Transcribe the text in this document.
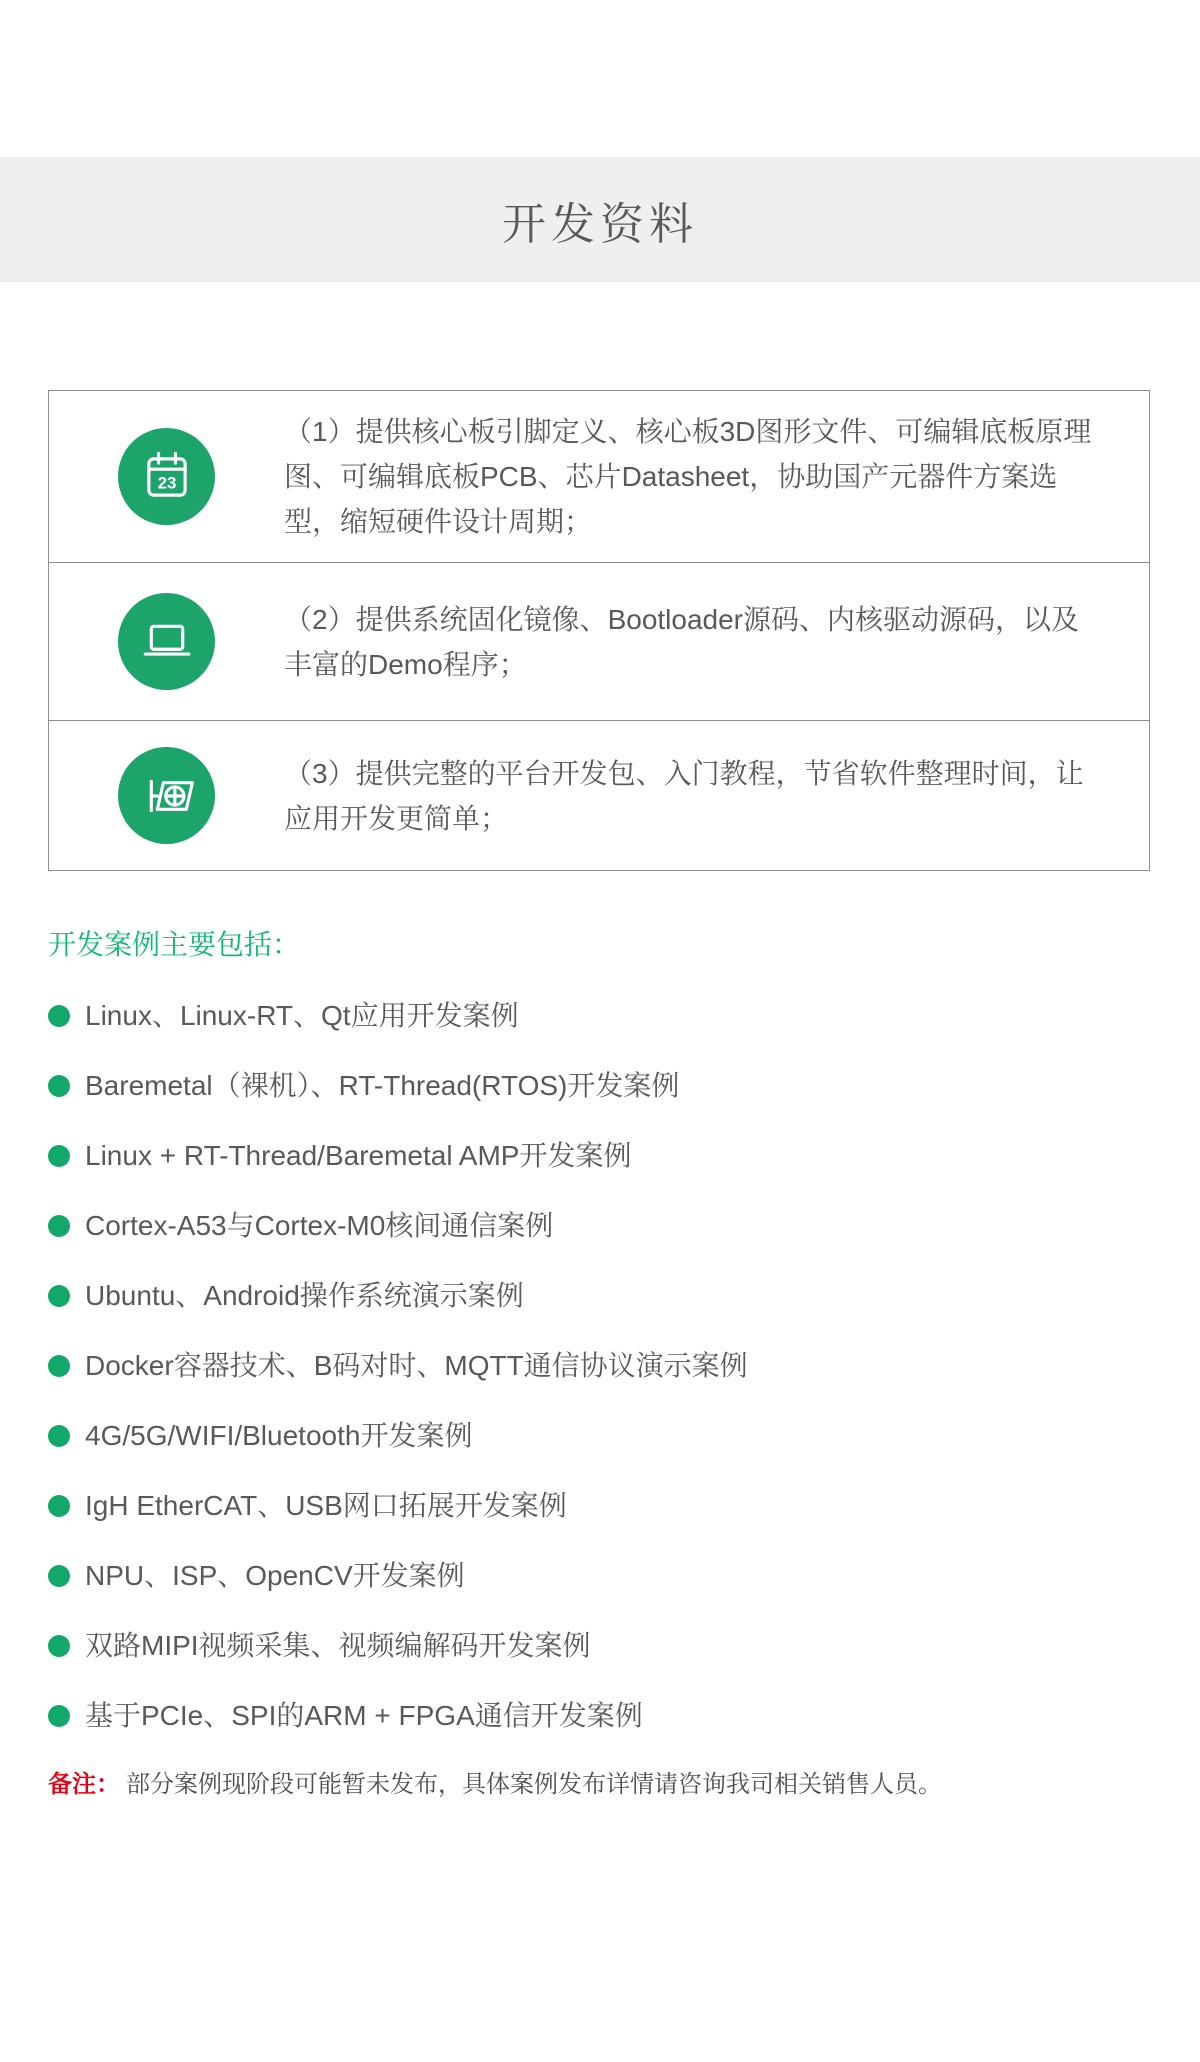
开发资料
23
（1）提供核心板引脚定义、核心板3D图形文件、可编辑底板原理图、可编辑底板PCB、芯片Datasheet，协助国产元器件方案选型，缩短硬件设计周期；
（2）提供系统固化镜像、Bootloader源码、内核驱动源码，以及丰富的Demo程序；
（3）提供完整的平台开发包、入门教程，节省软件整理时间，让应用开发更简单；
开发案例主要包括：
Linux、Linux-RT、Qt应用开发案例
Baremetal（裸机）、RT-Thread(RTOS)开发案例
Linux + RT-Thread/Baremetal AMP开发案例
Cortex-A53与Cortex-M0核间通信案例
Ubuntu、Android操作系统演示案例
Docker容器技术、B码对时、MQTT通信协议演示案例
4G/5G/WIFI/Bluetooth开发案例
IgH EtherCAT、USB网口拓展开发案例
NPU、ISP、OpenCV开发案例
双路MIPI视频采集、视频编解码开发案例
基于PCIe、SPI的ARM + FPGA通信开发案例

备注： 部分案例现阶段可能暂未发布，具体案例发布详情请咨询我司相关销售人员。
